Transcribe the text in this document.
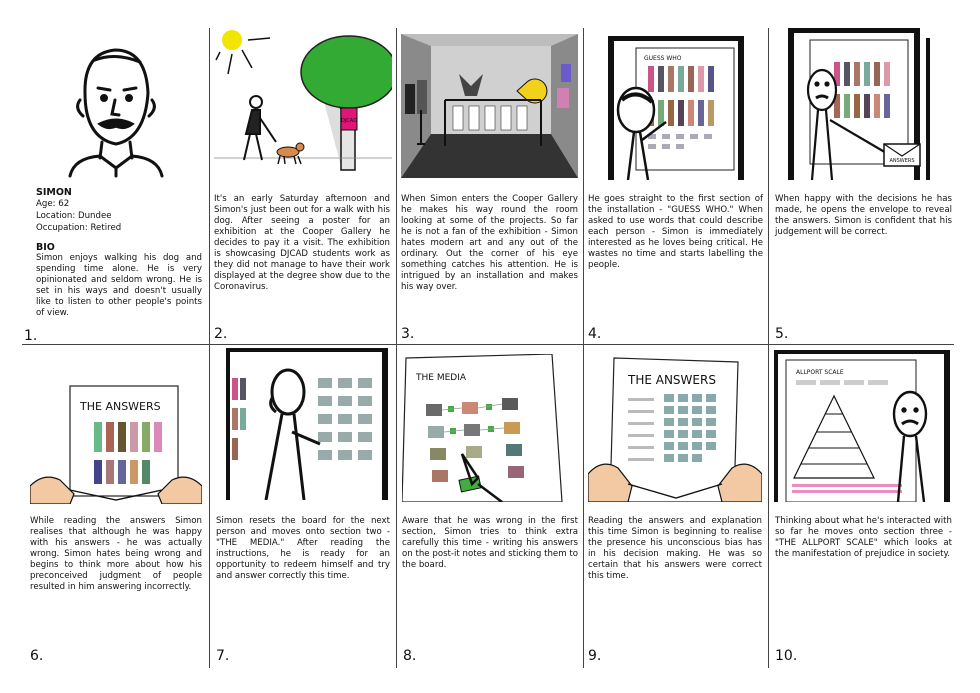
SIMON
Age: 62
Location: Dundee
Occupation: Retired
BIO
Simon enjoys walking his dog and spending time alone. He is very opinionated and seldom wrong. He is set in his ways and doesn't usually like to listen to other people's points of view.
1.
DJCAD
It's an early Saturday afternoon and Simon's just been out for a walk with his dog. After seeing a poster for an exhibition at the Cooper Gallery he decides to pay it a visit. The exhibition is showcasing DJCAD students work as they did not manage to have their work displayed at the degree show due to the Coronavirus.
2.
When Simon enters the Cooper Gallery he makes his way round the room looking at some of the projects. So far he is not a fan of the exhibition - Simon hates modern art and any out of the ordinary. Out the corner of his eye something catches his attention. He is intrigued by an installation and makes his way over.
3.
GUESS WHO
He goes straight to the first section of the installation - "GUESS WHO." When asked to use words that could describe each person - Simon is immediately interested as he loves being critical. He wastes no time and starts labelling the people.
4.
ANSWERS
When happy with the decisions he has made, he opens the envelope to reveal the answers. Simon is confident that his judgement will be correct.
5.
THE ANSWERS
While reading the answers Simon realises that although he was happy with his answers - he was actually wrong. Simon hates being wrong and begins to think more about how his preconceived judgment of people resulted in him answering incorrectly.
6.
Simon resets the board for the next person and moves onto section two - "THE MEDIA." After reading the instructions, he is ready for an opportunity to redeem himself and try and answer correctly this time.
7.
THE MEDIA
Aware that he was wrong in the first section, Simon tries to think extra carefully this time - writing his answers on the post-it notes and sticking them to the board.
8.
THE ANSWERS
Reading the answers and explanation this time Simon is beginning to realise the presence his unconscious bias has in his decision making. He was so certain that his answers were correct this time.
9.
ALLPORT SCALE
Thinking about what he's interacted with so far he moves onto section three - "THE ALLPORT SCALE" which looks at the manifestation of prejudice in society.
10.
